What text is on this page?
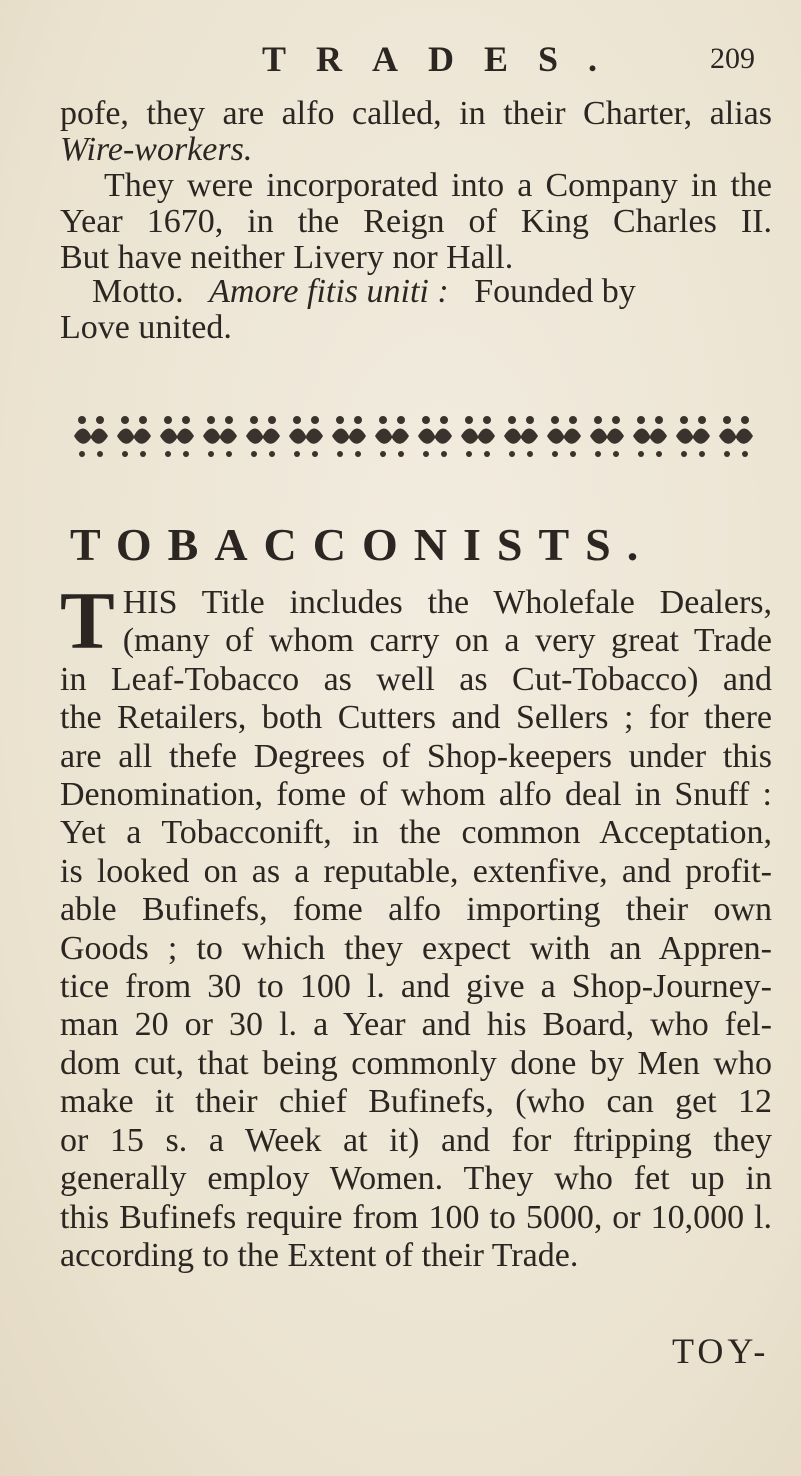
TRADES.	209
pofe, they are alfo called, in their Charter, alias
Wire-workers.
They were incorporated into a Company in the
Year 1670, in the Reign of King Charles II.
But have neither Livery nor Hall.
Motto. Amore fitis uniti : Founded by
Love united.
TOBACCONISTS.
T HIS Title includes the Wholefale Dealers,
(many of whom carry on a very great Trade
in Leaf-Tobacco as well as Cut-Tobacco) and
the Retailers, both Cutters and Sellers ; for there
are all thefe Degrees of Shop-keepers under this
Denomination, fome of whom alfo deal in Snuff :
Yet a Tobacconift, in the common Acceptation,
is looked on as a reputable, extenfive, and profit-
able Bufinefs, fome alfo importing their own
Goods ; to which they expect with an Appren-
tice from 30 to 100 l. and give a Shop-Journey-
man 20 or 30 l. a Year and his Board, who fel-
dom cut, that being commonly done by Men who
make it their chief Bufinefs, (who can get 12
or 15 s. a Week at it) and for ftripping they
generally employ Women. They who fet up in
this Bufinefs require from 100 to 5000, or 10,000 l.
according to the Extent of their Trade.
TOY-
